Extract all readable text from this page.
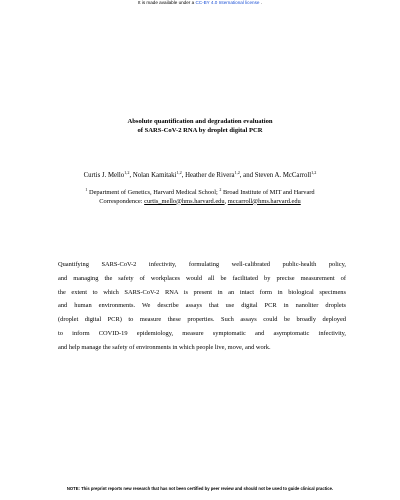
It is made available under a CC-BY 4.0 International license .
Absolute quantification and degradation evaluation
of SARS-CoV-2 RNA by droplet digital PCR
Curtis J. Mello$^{1,2}$, Nolan Kamitaki$^{1,2}$, Heather de Rivera$^{1,2}$, and Steven A. McCarroll$^{1,2}$
$^1$ Department of Genetics, Harvard Medical School; $^2$ Broad Institute of MIT and Harvard
Correspondence: curtis_mello@hms.harvard.edu, mccarroll@hms.harvard.edu
Quantifying SARS-CoV-2 infectivity, formulating well-calibrated public-health policy,
and managing the safety of workplaces would all be facilitated by precise measurement of
the extent to which SARS-CoV-2 RNA is present in an intact form in biological specimens
and human environments. We describe assays that use digital PCR in nanoliter droplets
(droplet digital PCR) to measure these properties. Such assays could be broadly deployed
to inform COVID-19 epidemiology, measure symptomatic and asymptomatic infectivity,
and help manage the safety of environments in which people live, move, and work.
NOTE: This preprint reports new research that has not been certified by peer review and should not be used to guide clinical practice.
